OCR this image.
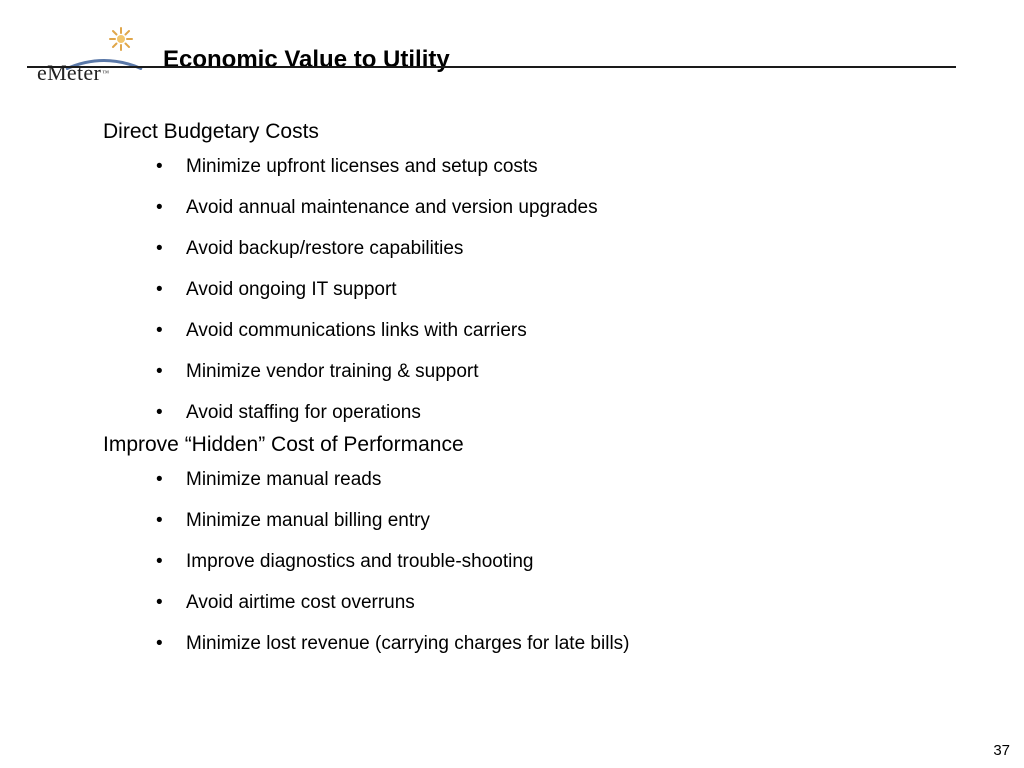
eMeter™ Economic Value to Utility

Direct Budgetary Costs

• Minimize upfront licenses and setup costs
• Avoid annual maintenance and version upgrades
• Avoid backup/restore capabilities
• Avoid ongoing IT support
• Avoid communications links with carriers
• Minimize vendor training & support
• Avoid staffing for operations

Improve “Hidden” Cost of Performance

• Minimize manual reads
• Minimize manual billing entry
• Improve diagnostics and trouble-shooting
• Avoid airtime cost overruns
• Minimize lost revenue (carrying charges for late bills)
37
